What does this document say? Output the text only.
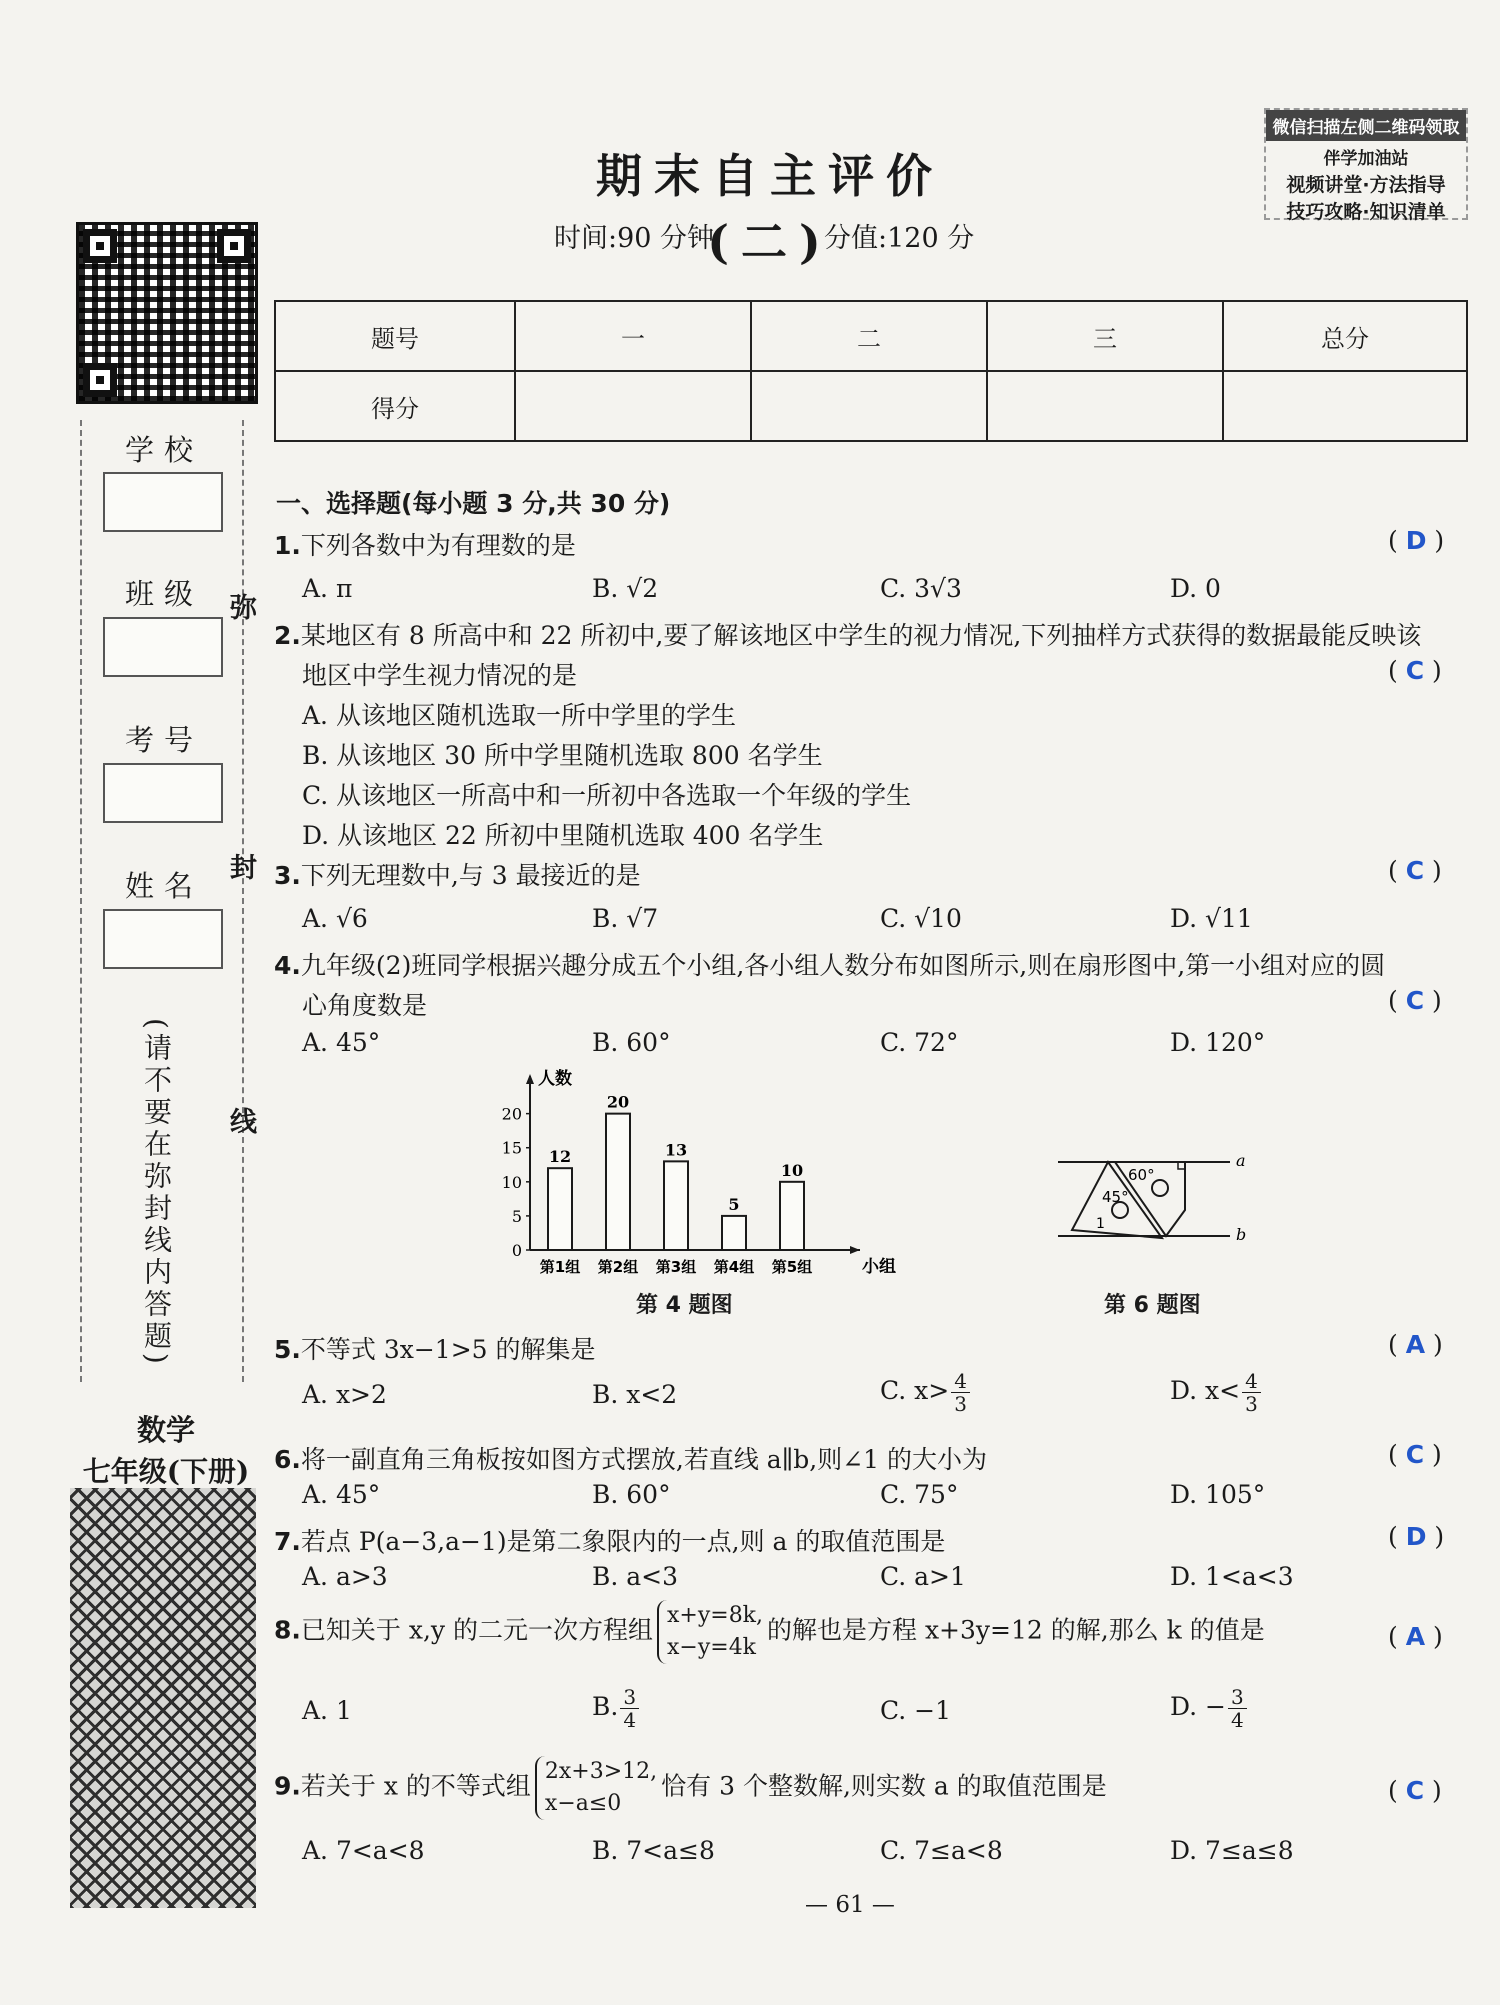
学校
班级
考号
姓名
弥
封
线
(请不要在弥封线内答题)
数学
七年级(下册)
期末自主评价(二)
时间:90 分钟	分值:120 分
微信扫描左侧二维码领取
伴学加油站
视频讲堂·方法指导
技巧攻略·知识清单
题号	一	二	三	总分
得分				
一、选择题(每小题 3 分,共 30 分)
1.下列各数中为有理数的是	( D )
A. π	B. √2	C. 3√3	D. 0
2.某地区有 8 所高中和 22 所初中,要了解该地区中学生的视力情况,下列抽样方式获得的数据最能反映该
地区中学生视力情况的是	( C )
A. 从该地区随机选取一所中学里的学生
B. 从该地区 30 所中学里随机选取 800 名学生
C. 从该地区一所高中和一所初中各选取一个年级的学生
D. 从该地区 22 所初中里随机选取 400 名学生
3.下列无理数中,与 3 最接近的是	( C )
A. √6	B. √7	C. √10	D. √11
4.九年级(2)班同学根据兴趣分成五个小组,各小组人数分布如图所示,则在扇形图中,第一小组对应的圆
心角度数是	( C )
A. 45°	B. 60°	C. 72°	D. 120°
人数
小组
0
5
10
15
20
12
第1组
20
第2组
13
第3组
5
第4组
10
第5组
第 4 题图
a
b
60°
45°
1
第 6 题图
5.不等式 3x−1>5 的解集是	( A )
A. x>2	B. x<2	C. $x> \frac{4}{3}$	D. $x< \frac{4}{3}$
6.将一副直角三角板按如图方式摆放,若直线 a∥b,则∠1 的大小为	( C )
A. 45°	B. 60°	C. 75°	D. 105°
7.若点 P(a−3,a−1)是第二象限内的一点,则 a 的取值范围是	( D )
A. a>3	B. a<3	C. a>1	D. 1<a<3
8.已知关于 x,y 的二元一次方程组 x+y=8k,
x−y=4k
的解也是方程 x+3y=12 的解,那么 k 的值是	( A )
A. 1	B. $\frac{3}{4}$	C. −1	D. − $\frac{3}{4}$
9.若关于 x 的不等式组 2x+3>12,
x−a≤0
恰有 3 个整数解,则实数 a 的取值范围是	( C )
A. 7<a<8	B. 7<a≤8	C. 7≤a<8	D. 7≤a≤8
— 61 —
